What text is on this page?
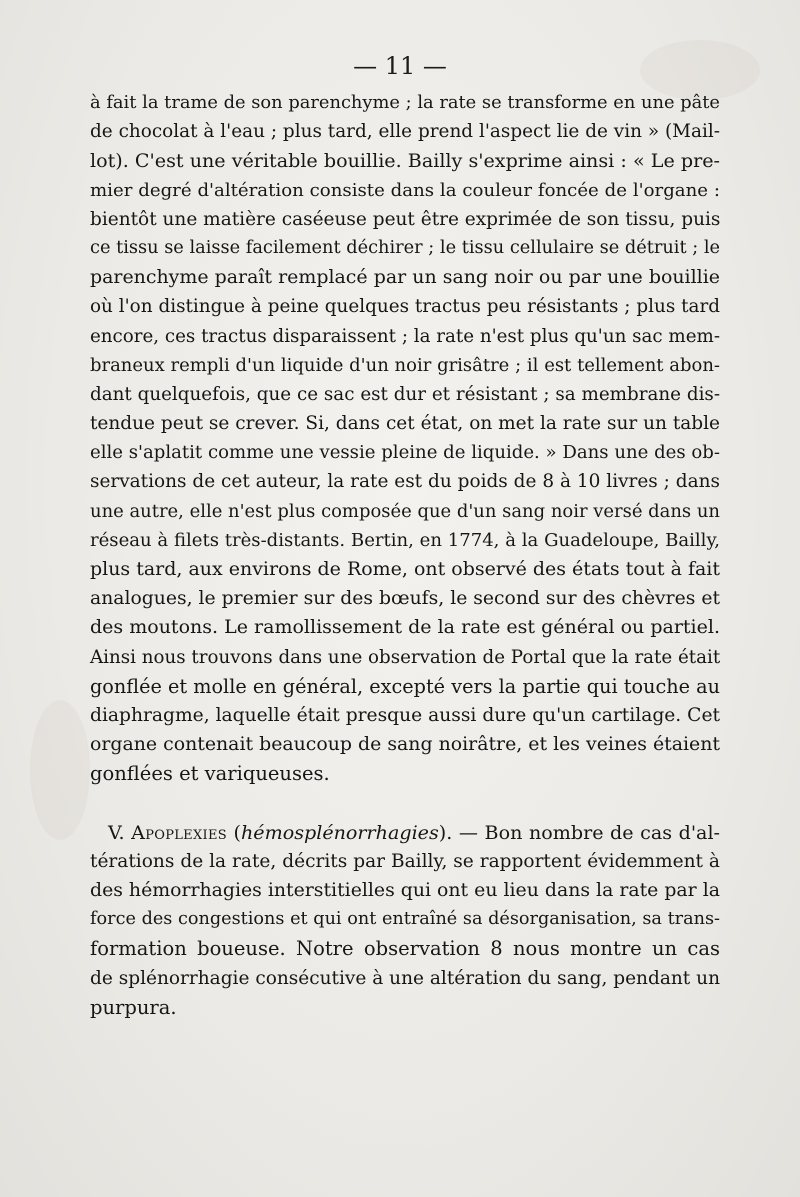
— 11 —
à fait la trame de son parenchyme ; la rate se transforme en une pâte
de chocolat à l'eau ; plus tard, elle prend l'aspect lie de vin » (Mail-
lot). C'est une véritable bouillie. Bailly s'exprime ainsi : « Le pre-
mier degré d'altération consiste dans la couleur foncée de l'organe :
bientôt une matière caséeuse peut être exprimée de son tissu, puis
ce tissu se laisse facilement déchirer ; le tissu cellulaire se détruit ; le
parenchyme paraît remplacé par un sang noir ou par une bouillie
où l'on distingue à peine quelques tractus peu résistants ; plus tard
encore, ces tractus disparaissent ; la rate n'est plus qu'un sac mem-
braneux rempli d'un liquide d'un noir grisâtre ; il est tellement abon-
dant quelquefois, que ce sac est dur et résistant ; sa membrane dis-
tendue peut se crever. Si, dans cet état, on met la rate sur un table
elle s'aplatit comme une vessie pleine de liquide. » Dans une des ob-
servations de cet auteur, la rate est du poids de 8 à 10 livres ; dans
une autre, elle n'est plus composée que d'un sang noir versé dans un
réseau à filets très-distants. Bertin, en 1774, à la Guadeloupe, Bailly,
plus tard, aux environs de Rome, ont observé des états tout à fait
analogues, le premier sur des bœufs, le second sur des chèvres et
des moutons. Le ramollissement de la rate est général ou partiel.
Ainsi nous trouvons dans une observation de Portal que la rate était
gonflée et molle en général, excepté vers la partie qui touche au
diaphragme, laquelle était presque aussi dure qu'un cartilage. Cet
organe contenait beaucoup de sang noirâtre, et les veines étaient
gonflées et variqueuses.
V. Apoplexies (hémosplénorrhagies). — Bon nombre de cas d'al-
térations de la rate, décrits par Bailly, se rapportent évidemment à
des hémorrhagies interstitielles qui ont eu lieu dans la rate par la
force des congestions et qui ont entraîné sa désorganisation, sa trans-
formation boueuse. Notre observation 8 nous montre un cas
de splénorrhagie consécutive à une altération du sang, pendant un
purpura.
